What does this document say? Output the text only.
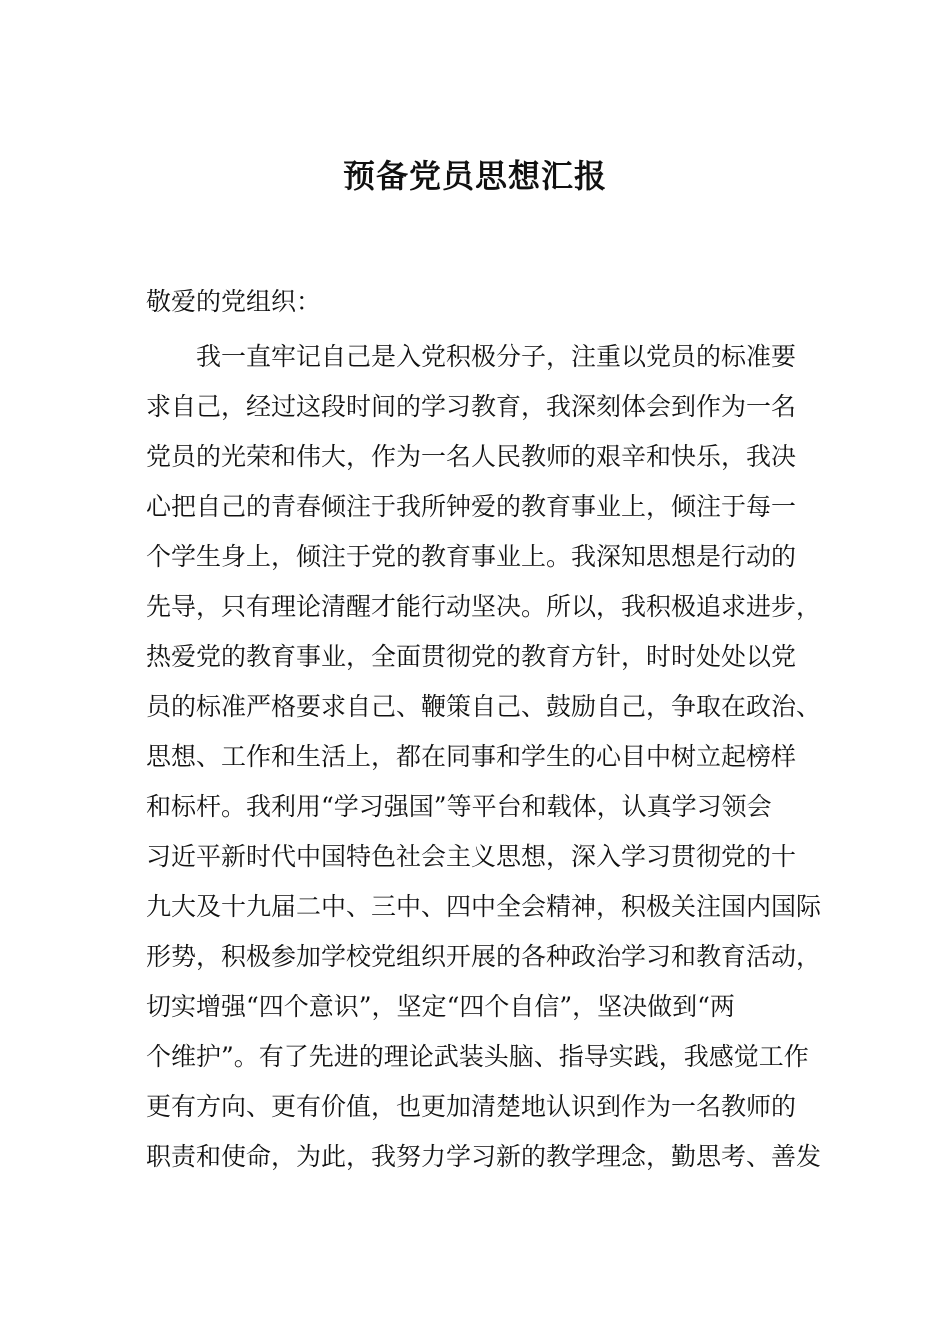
预备党员思想汇报
敬爱的党组织：
　　我一直牢记自己是入党积极分子，注重以党员的标准要
求自己，经过这段时间的学习教育，我深刻体会到作为一名
党员的光荣和伟大，作为一名人民教师的艰辛和快乐，我决
心把自己的青春倾注于我所钟爱的教育事业上，倾注于每一
个学生身上，倾注于党的教育事业上。我深知思想是行动的
先导，只有理论清醒才能行动坚决。所以，我积极追求进步，
热爱党的教育事业，全面贯彻党的教育方针，时时处处以党
员的标准严格要求自己、鞭策自己、鼓励自己，争取在政治、
思想、工作和生活上，都在同事和学生的心目中树立起榜样
和标杆。我利用“学习强国”等平台和载体，认真学习领会
习近平新时代中国特色社会主义思想，深入学习贯彻党的十
九大及十九届二中、三中、四中全会精神，积极关注国内国际
形势，积极参加学校党组织开展的各种政治学习和教育活动，
切实增强“四个意识”，坚定“四个自信”，坚决做到“两
个维护”。有了先进的理论武装头脑、指导实践，我感觉工作
更有方向、更有价值，也更加清楚地认识到作为一名教师的
职责和使命，为此，我努力学习新的教学理念，勤思考、善发
